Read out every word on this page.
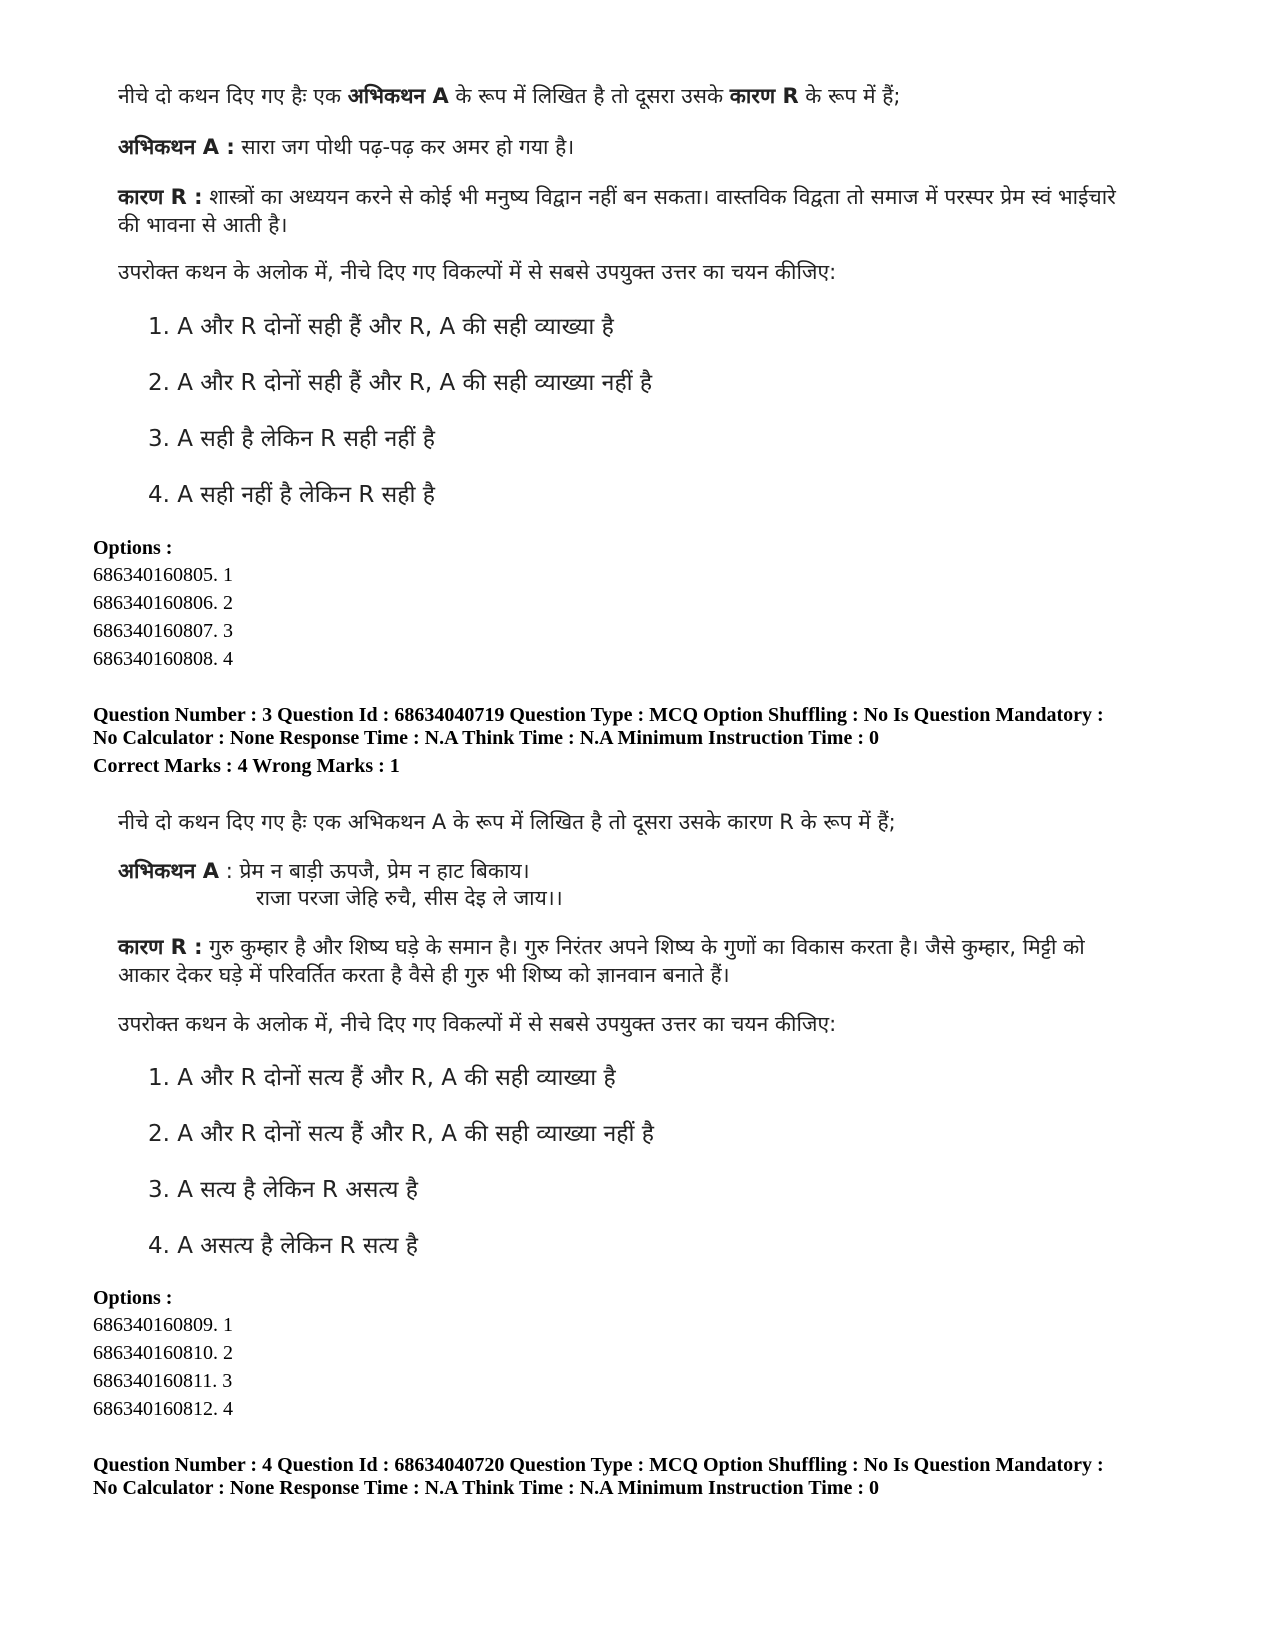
नीचे दो कथन दिए गए हैः एक अभिकथन A के रूप में लिखित है तो दूसरा उसके कारण R के रूप में हैं;
अभिकथन A : सारा जग पोथी पढ़-पढ़ कर अमर हो गया है।
कारण R : शास्त्रों का अध्ययन करने से कोई भी मनुष्य विद्वान नहीं बन सकता। वास्तविक विद्वता तो समाज में परस्पर प्रेम स्वं भाईचारे की भावना से आती है।
उपरोक्त कथन के अलोक में, नीचे दिए गए विकल्पों में से सबसे उपयुक्त उत्तर का चयन कीजिए:
1. A और R दोनों सही हैं और R, A की सही व्याख्या है
2. A और R दोनों सही हैं और R, A की सही व्याख्या नहीं है
3. A सही है लेकिन R सही नहीं है
4. A सही नहीं है लेकिन R सही है
Options :
686340160805. 1
686340160806. 2
686340160807. 3
686340160808. 4
Question Number : 3 Question Id : 68634040719 Question Type : MCQ Option Shuffling : No Is Question Mandatory :
No Calculator : None Response Time : N.A Think Time : N.A Minimum Instruction Time : 0
Correct Marks : 4 Wrong Marks : 1
नीचे दो कथन दिए गए हैः एक अभिकथन A के रूप में लिखित है तो दूसरा उसके कारण R के रूप में हैं;
अभिकथन A : प्रेम न बाड़ी ऊपजै, प्रेम न हाट बिकाय।
राजा परजा जेहि रुचै, सीस देइ ले जाय।।
कारण R : गुरु कुम्हार है और शिष्य घड़े के समान है। गुरु निरंतर अपने शिष्य के गुणों का विकास करता है। जैसे कुम्हार, मिट्टी को आकार देकर घड़े में परिवर्तित करता है वैसे ही गुरु भी शिष्य को ज्ञानवान बनाते हैं।
उपरोक्त कथन के अलोक में, नीचे दिए गए विकल्पों में से सबसे उपयुक्त उत्तर का चयन कीजिए:
1. A और R दोनों सत्य हैं और R, A की सही व्याख्या है
2. A और R दोनों सत्य हैं और R, A की सही व्याख्या नहीं है
3. A सत्य है लेकिन R असत्य है
4. A असत्य है लेकिन R सत्य है
Options :
686340160809. 1
686340160810. 2
686340160811. 3
686340160812. 4
Question Number : 4 Question Id : 68634040720 Question Type : MCQ Option Shuffling : No Is Question Mandatory :
No Calculator : None Response Time : N.A Think Time : N.A Minimum Instruction Time : 0
